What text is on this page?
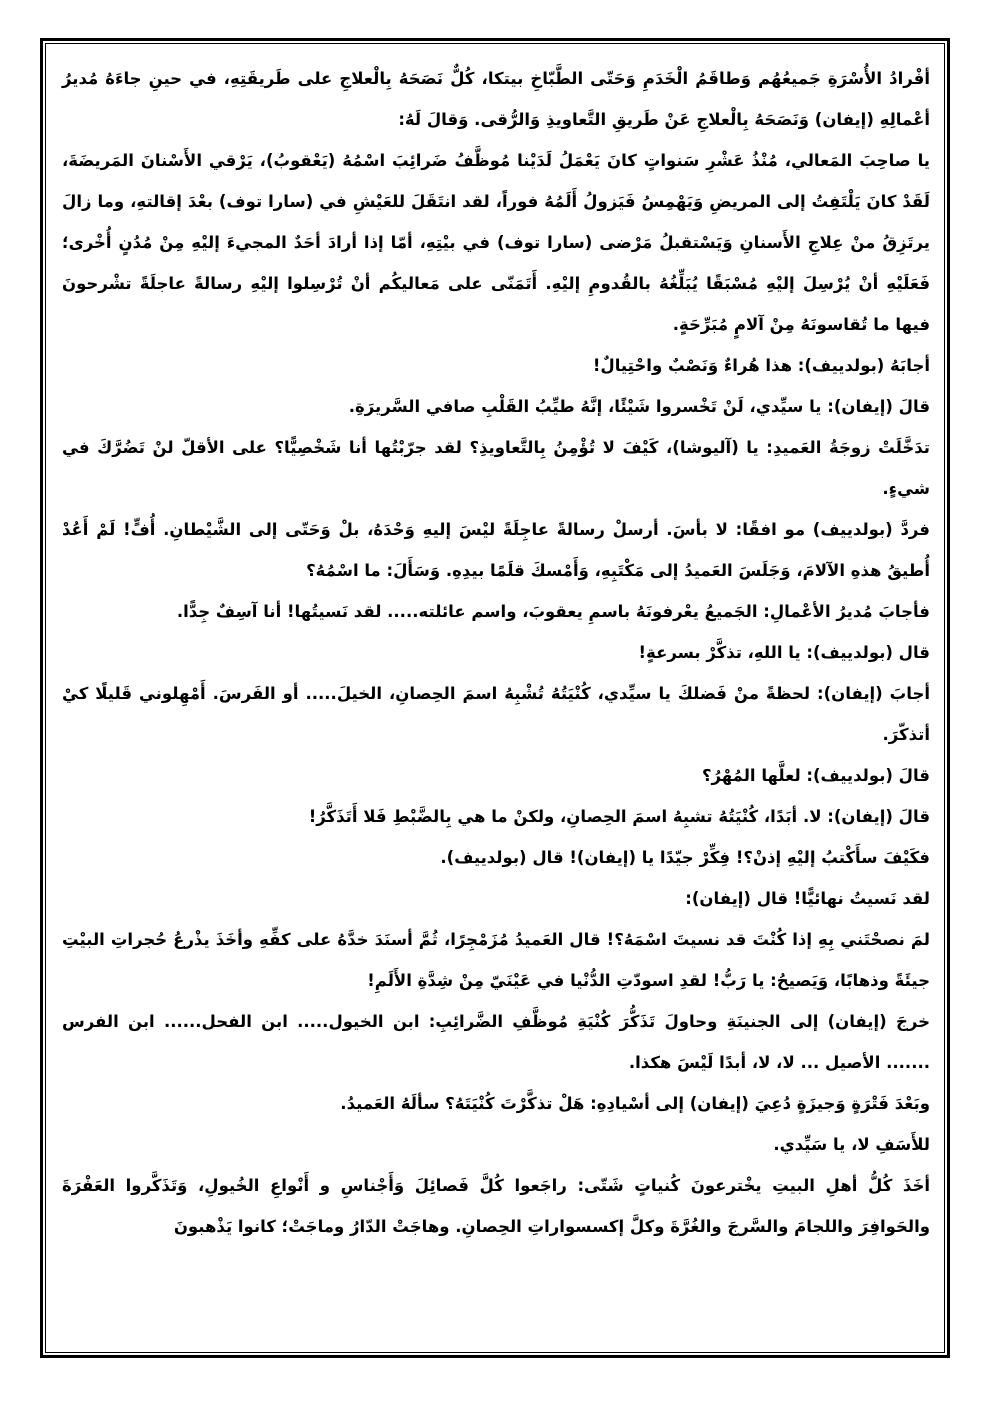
أفْرادُ الأُسْرَةِ جَميعُهُم وَطاقَمُ الْخَدَمِ وَحَتّى الطَّبّاخِ بيتكا، كُلٌّ نَصَحَهُ بِالْعلاجِ على طَريقَتِهِ، في حينِ جاءَهُ مُديرُ أعْمالِهِ (إيفان) وَنَصَحَهُ بِالْعلاجِ عَنْ طَريقِ التَّعاويذِ وَالرُّقى. وَقالَ لَهُ:

يا صاحِبَ المَعالي، مُنْذُ عَشْرِ سَنواتٍ كانَ يَعْمَلُ لَدَيْنا مُوظَّفُ ضَرائِبَ اسْمُهُ (يَعْقوبُ)، يَرْقي الأَسْنانَ المَريضَةَ، لَقَدْ كانَ يَلْتَفِتُ إلى المريضِ وَيَهْمِسُ فَيَزولُ أَلَمُهُ فوراً، لقد انتَقَلَ للعَيْشِ في (سارا توف) بعْدَ إقالتهِ، وما زالَ يرتَزِقُ منْ عِلاجِ الأَسنانِ وَيَسْتقبلُ مَرْضى (سارا توف) في بيْتِهِ، أمّا إذا أرادَ أحَدٌ المجيءَ إليْهِ مِنْ مُدُنٍ أُخْرى؛ فَعَلَيْهِ أنْ يُرْسِلَ إليْهِ مُسْبَقًا يُبَلِّغُهُ بالقُدومِ إليْهِ. أَتَمَنّى على مَعاليكُم أنْ تُرْسِلوا إليْهِ رسالةً عاجلَةً تشْرحونَ فيها ما تُقاسونَهُ مِنْ آلامٍ مُبَرِّحَةٍ.

أجابَهُ (بولدييف): هذا هُراءٌ وَنَصْبٌ واحْتِيالٌ!

قالَ (إيفان): يا سيِّدي، لَنْ تَخْسروا شَيْئًا، إنَّهُ طيِّبُ القَلْبِ صافي السَّريرَةِ.

تدَخَّلَتْ زوجَةُ العَميدِ: يا (آليوشا)، كَيْفَ لا تُؤْمِنُ بِالتَّعاويذِ؟ لقد جرّبْتُها أنا شَخْصِيًّا؟ على الأقلّ لنْ تَضُرَّكَ في شيءٍ.

فردَّ (بولدييف) مو افقًا: لا بأسَ. أرسلْ رسالةً عاجِلَةً ليْسَ إليهِ وَحْدَهُ، بلْ وَحَتّى إلى الشَّيْطانِ. أُفٍّ! لَمْ أَعُدْ أُطيقُ هذهِ الآلامَ، وَجَلَسَ العَميدُ إلى مَكْتَبِهِ، وَأَمْسكَ قلَمًا بيدِهِ. وَسَأَلَ: ما اسْمُهُ؟

فأجابَ مُديرُ الأعْمالِ: الجَميعُ يعْرفونَهُ باسمِ يعقوبَ، واسم عائلته..... لقد نَسيتُها! أنا آسِفٌ جِدًّا.

قال (بولدييف): يا اللهِ، تذكَّرْ بسرعةٍ!

أجابَ (إيفان): لحظةً منْ فَضلكَ يا سيِّدي، كُنْيَتُهُ تُشْبِهُ اسمَ الحِصانِ، الخيلَ..... أو الفَرسَ. أَمْهِلوني قَليلًا كيْ أتذكّرَ.

قالَ (بولدييف): لعلَّها المُهْرُ؟

قالَ (إيفان): لا. أبَدًا، كُنْيَتُهُ تشبِهُ اسمَ الحِصانِ، ولكنْ ما هي بِالضَّبْطِ فَلا أَتَذَكَّرُ!

فكَيْفَ سأَكْتبُ إليْهِ إذنْ؟! فِكِّرْ جيّدًا يا (إيفان)! قال (بولدييف).

لقد نَسيتُ نهائيًّا! قال (إيفان):

لمَ نصحْتَني بِهِ إذا كُنْتَ قد نسيتَ اسْمَهُ؟! قال العَميدُ مُزَمْجِرًا، ثُمَّ أسنَدَ خدَّهُ على كفِّهِ وأخَذَ يذْرعُ حُجراتِ البيْتِ جيئَةً وذهابًا، وَيَصيحُ: يا رَبُّ! لقدِ اسودّتِ الدُّنْيا في عَيْنَيّ مِنْ شِدَّةِ الأَلَمِ!

خرجَ (إيفان) إلى الجنينَةِ وحاولَ تَذَكُّرَ كُنْيَةِ مُوظَّفِ الضَّرائِبِ: ابن الخيول..... ابن الفحل...... ابن الفرس ....... الأصيل ... لا، لا، أبدًا لَيْسَ هكذا.

وبَعْدَ فَتْرَةٍ وَجيزَةٍ دُعِيَ (إيفان) إلى أسْيادِهِ: هَلْ تذكَّرْتَ كُنْيَتَهُ؟ سألَهُ العَميدُ.

للأَسَفِ لا، يا سَيِّدي.

أخَذَ كُلُّ أهلِ البيتِ يخْترعونَ كُنياتٍ شَتّى: راجَعوا كُلَّ فَصائِلَ وَأَجْناسِ و أَنْواعِ الخُيولِ، وَتَذَكَّروا العَفْرَةَ والحَوافِرَ واللجامَ والسَّرجَ والغُرَّةَ وكلَّ إكسسواراتِ الحِصانِ. وهاجَتْ الدّارُ وماجَتْ؛ كانوا يَذْهبونَ
